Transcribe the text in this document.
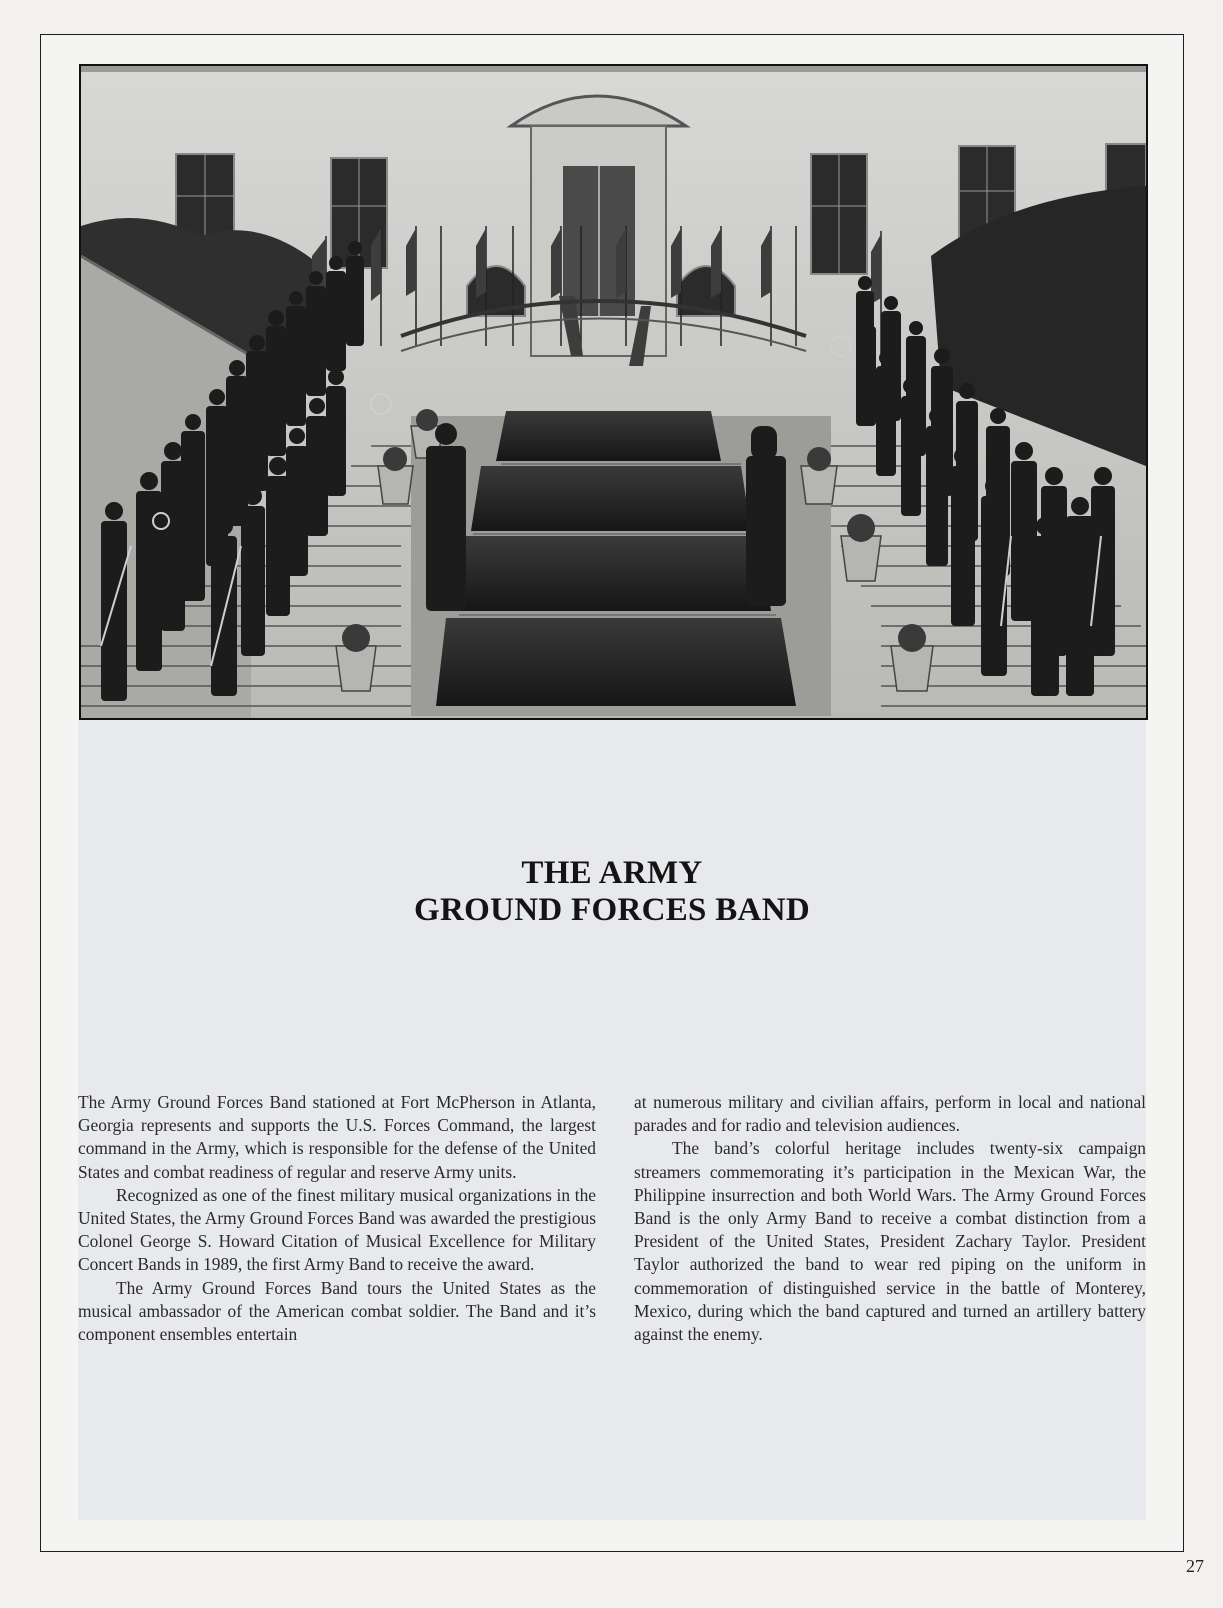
THE ARMY
GROUND FORCES BAND

The Army Ground Forces Band stationed at Fort McPherson in Atlanta, Georgia represents and supports the U.S. Forces Command, the largest command in the Army, which is responsible for the defense of the United States and combat readiness of regular and reserve Army units.

Recognized as one of the finest military musical organizations in the United States, the Army Ground Forces Band was awarded the prestigious Colonel George S. Howard Citation of Musical Excellence for Military Concert Bands in 1989, the first Army Band to receive the award.

The Army Ground Forces Band tours the United States as the musical ambassador of the American combat soldier. The Band and it’s component ensembles entertain

at numerous military and civilian affairs, perform in local and national parades and for radio and television audiences.

The band’s colorful heritage includes twenty-six campaign streamers commemorating it’s participation in the Mexican War, the Philippine insurrection and both World Wars. The Army Ground Forces Band is the only Army Band to receive a combat distinction from a President of the United States, President Zachary Taylor. President Taylor authorized the band to wear red piping on the uniform in commemoration of distinguished service in the battle of Monterey, Mexico, during which the band captured and turned an artillery battery against the enemy.

27
